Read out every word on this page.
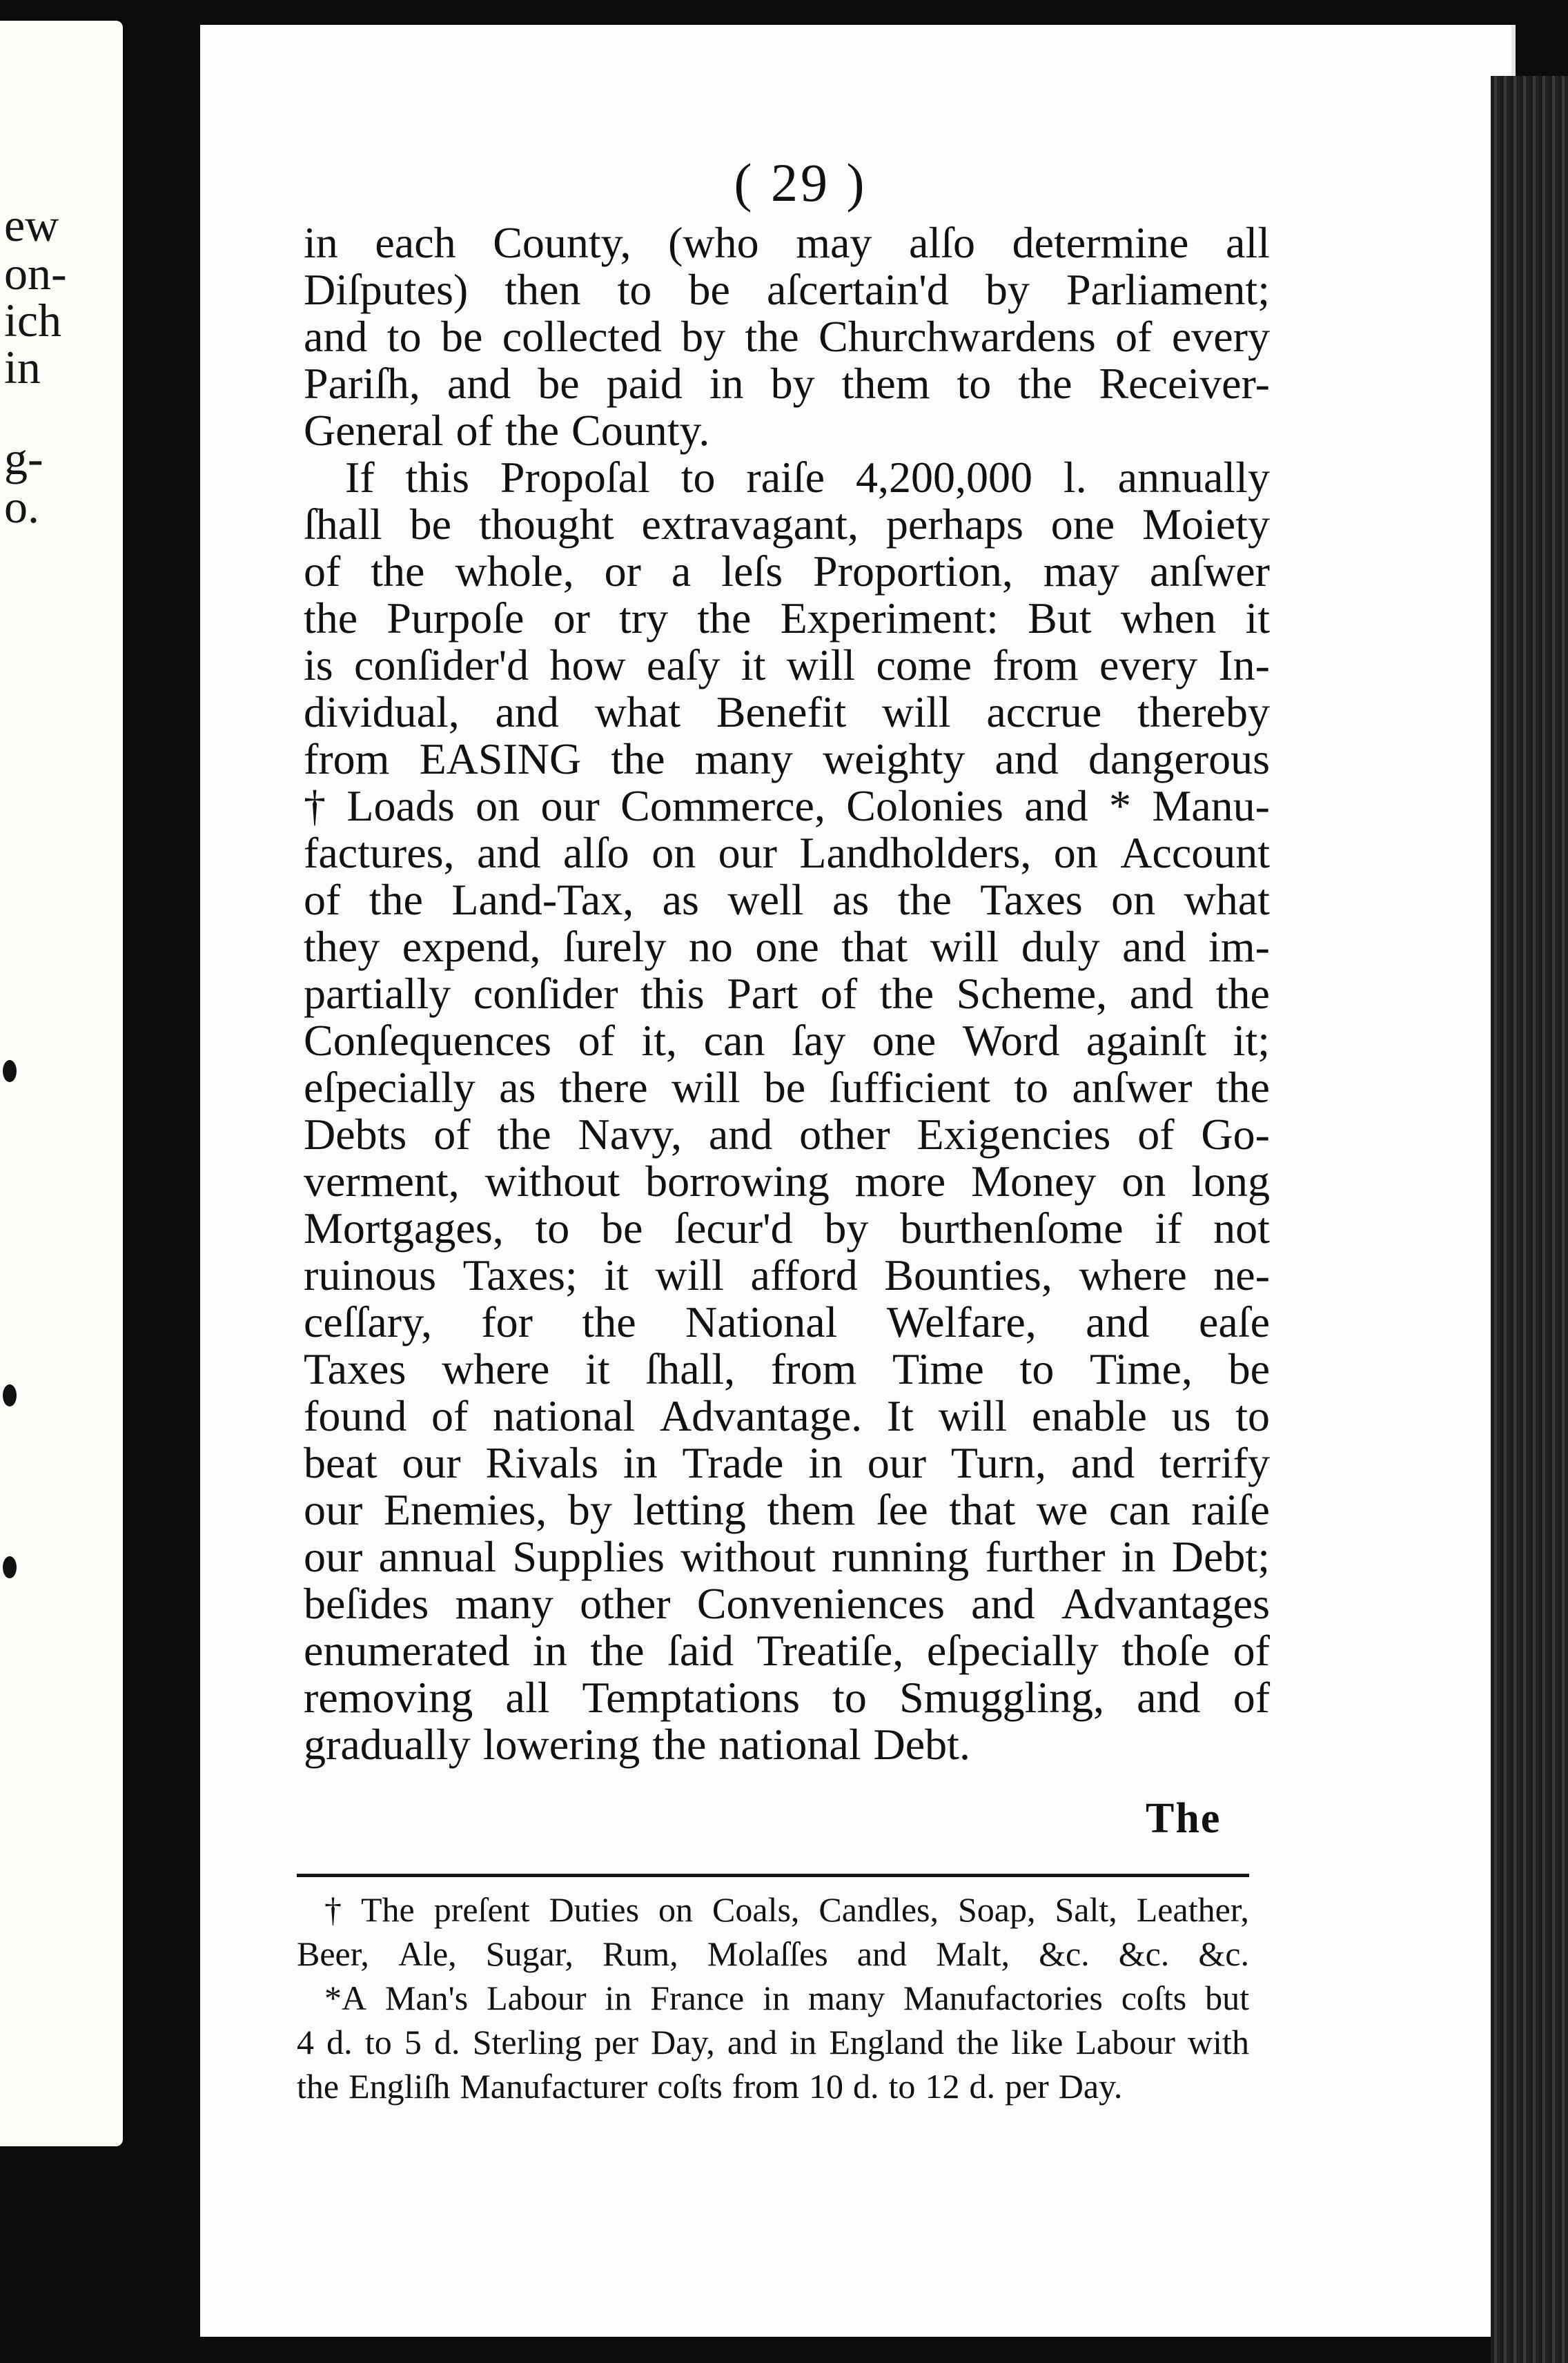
ew
on-
ich
in
g-
o.
( 29 )
in each County, (who may alſo determine all
Diſputes) then to be aſcertain'd by Parliament;
and to be collected by the Churchwardens of every
Pariſh, and be paid in by them to the Receiver-
General of the County.
If this Propoſal to raiſe 4,200,000 l. annually
ſhall be thought extravagant, perhaps one Moiety
of the whole, or a leſs Proportion, may anſwer
the Purpoſe or try the Experiment: But when it
is conſider'd how eaſy it will come from every In-
dividual, and what Benefit will accrue thereby
from EASING the many weighty and dangerous
† Loads on our Commerce, Colonies and * Manu-
factures, and alſo on our Landholders, on Account
of the Land-Tax, as well as the Taxes on what
they expend, ſurely no one that will duly and im-
partially conſider this Part of the Scheme, and the
Conſequences of it, can ſay one Word againſt it;
eſpecially as there will be ſufficient to anſwer the
Debts of the Navy, and other Exigencies of Go-
verment, without borrowing more Money on long
Mortgages, to be ſecur'd by burthenſome if not
ruinous Taxes; it will afford Bounties, where ne-
ceſſary, for the National Welfare, and eaſe
Taxes where it ſhall, from Time to Time, be
found of national Advantage. It will enable us to
beat our Rivals in Trade in our Turn, and terrify
our Enemies, by letting them ſee that we can raiſe
our annual Supplies without running further in Debt;
beſides many other Conveniences and Advantages
enumerated in the ſaid Treatiſe, eſpecially thoſe of
removing all Temptations to Smuggling, and of
gradually lowering the national Debt.
The
† The preſent Duties on Coals, Candles, Soap, Salt, Leather,
Beer, Ale, Sugar, Rum, Molaſſes and Malt, &c. &c. &c.
*A Man's Labour in France in many Manufactories coſts but
4 d. to 5 d. Sterling per Day, and in England the like Labour with
the Engliſh Manufacturer coſts from 10 d. to 12 d. per Day.
